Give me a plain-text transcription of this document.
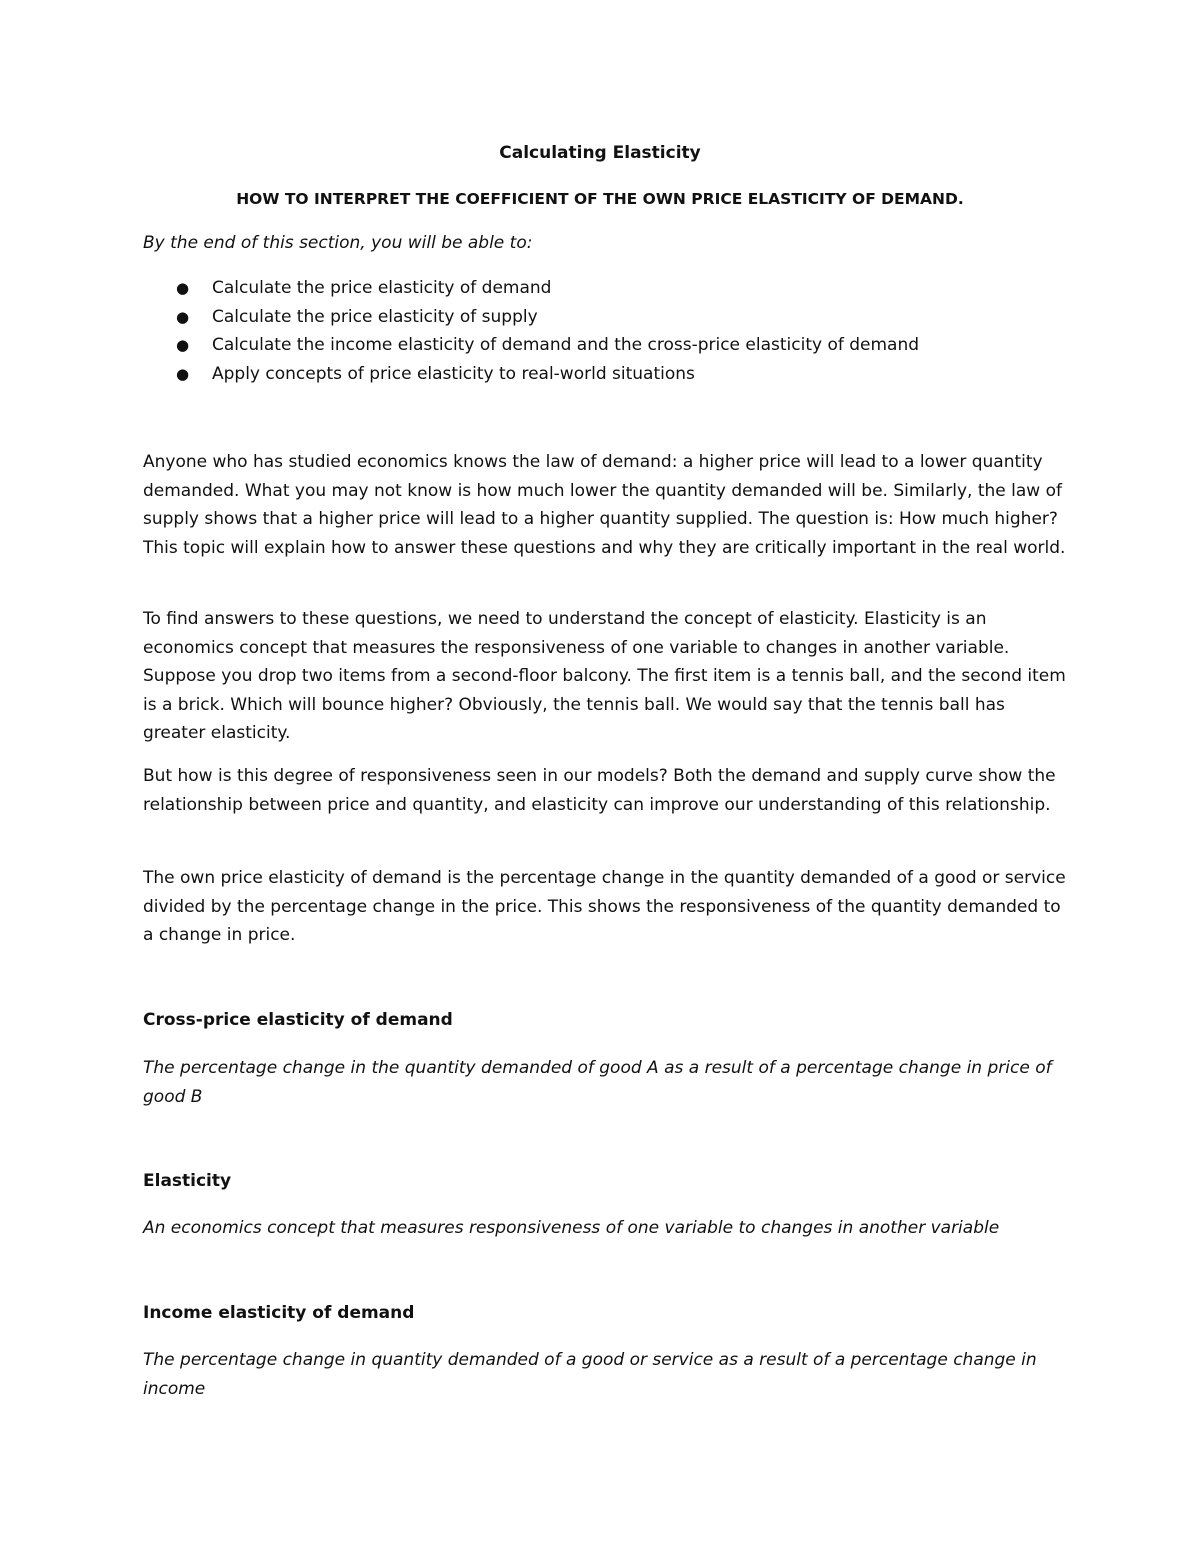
Calculating Elasticity
HOW TO INTERPRET THE COEFFICIENT OF THE OWN PRICE ELASTICITY OF DEMAND.

By the end of this section, you will be able to:

● Calculate the price elasticity of demand
● Calculate the price elasticity of supply
● Calculate the income elasticity of demand and the cross-price elasticity of demand
● Apply concepts of price elasticity to real-world situations

Anyone who has studied economics knows the law of demand: a higher price will lead to a lower quantity demanded. What you may not know is how much lower the quantity demanded will be. Similarly, the law of supply shows that a higher price will lead to a higher quantity supplied. The question is: How much higher? This topic will explain how to answer these questions and why they are critically important in the real world.

To find answers to these questions, we need to understand the concept of elasticity. Elasticity is an economics concept that measures the responsiveness of one variable to changes in another variable. Suppose you drop two items from a second-floor balcony. The first item is a tennis ball, and the second item is a brick. Which will bounce higher? Obviously, the tennis ball. We would say that the tennis ball has greater elasticity.

But how is this degree of responsiveness seen in our models? Both the demand and supply curve show the relationship between price and quantity, and elasticity can improve our understanding of this relationship.

The own price elasticity of demand is the percentage change in the quantity demanded of a good or service divided by the percentage change in the price. This shows the responsiveness of the quantity demanded to a change in price.

Cross-price elasticity of demand

The percentage change in the quantity demanded of good A as a result of a percentage change in price of good B

Elasticity

An economics concept that measures responsiveness of one variable to changes in another variable

Income elasticity of demand

The percentage change in quantity demanded of a good or service as a result of a percentage change in income
